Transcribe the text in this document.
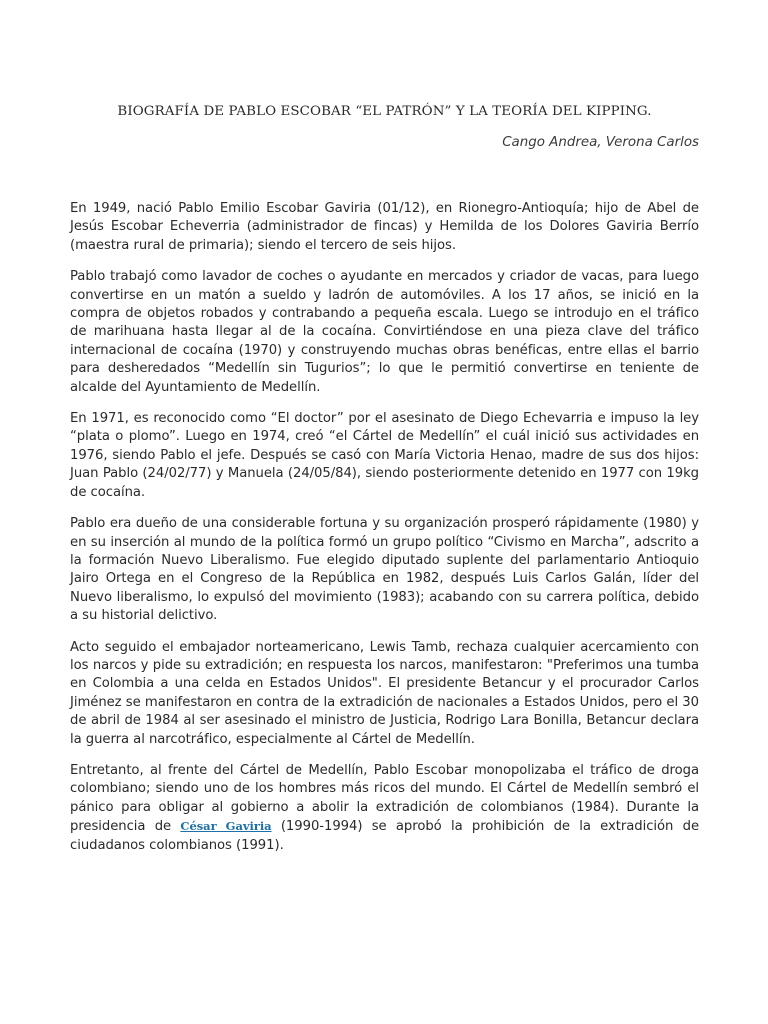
BIOGRAFÍA DE PABLO ESCOBAR “EL PATRÓN” Y LA TEORÍA DEL KIPPING.

Cango Andrea, Verona Carlos

En 1949, nació Pablo Emilio Escobar Gaviria (01/12), en Rionegro-Antioquía; hijo de Abel de Jesús Escobar Echeverria (administrador de fincas) y Hemilda de los Dolores Gaviria Berrío (maestra rural de primaria); siendo el tercero de seis hijos.

Pablo trabajó como lavador de coches o ayudante en mercados y criador de vacas, para luego convertirse en un matón a sueldo y ladrón de automóviles. A los 17 años, se inició en la compra de objetos robados y contrabando a pequeña escala. Luego se introdujo en el tráfico de marihuana hasta llegar al de la cocaína. Convirtiéndose en una pieza clave del tráfico internacional de cocaína (1970) y construyendo muchas obras benéficas, entre ellas el barrio para desheredados “Medellín sin Tugurios”; lo que le permitió convertirse en teniente de alcalde del Ayuntamiento de Medellín.

En 1971, es reconocido como “El doctor” por el asesinato de Diego Echevarria e impuso la ley “plata o plomo”. Luego en 1974, creó “el Cártel de Medellín” el cuál inició sus actividades en 1976, siendo Pablo el jefe. Después se casó con María Victoria Henao, madre de sus dos hijos: Juan Pablo (24/02/77) y Manuela (24/05/84), siendo posteriormente detenido en 1977 con 19kg de cocaína.

Pablo era dueño de una considerable fortuna y su organización prosperó rápidamente (1980) y en su inserción al mundo de la política formó un grupo político “Civismo en Marcha”, adscrito a la formación Nuevo Liberalismo. Fue elegido diputado suplente del parlamentario Antioquio Jairo Ortega en el Congreso de la República en 1982, después Luis Carlos Galán, líder del Nuevo liberalismo, lo expulsó del movimiento (1983); acabando con su carrera política, debido a su historial delictivo.

Acto seguido el embajador norteamericano, Lewis Tamb, rechaza cualquier acercamiento con los narcos y pide su extradición; en respuesta los narcos, manifestaron: "Preferimos una tumba en Colombia a una celda en Estados Unidos". El presidente Betancur y el procurador Carlos Jiménez se manifestaron en contra de la extradición de nacionales a Estados Unidos, pero el 30 de abril de 1984 al ser asesinado el ministro de Justicia, Rodrigo Lara Bonilla, Betancur declara la guerra al narcotráfico, especialmente al Cártel de Medellín.

Entretanto, al frente del Cártel de Medellín, Pablo Escobar monopolizaba el tráfico de droga colombiano; siendo uno de los hombres más ricos del mundo. El Cártel de Medellín sembró el pánico para obligar al gobierno a abolir la extradición de colombianos (1984). Durante la presidencia de César Gaviria (1990-1994) se aprobó la prohibición de la extradición de ciudadanos colombianos (1991).
